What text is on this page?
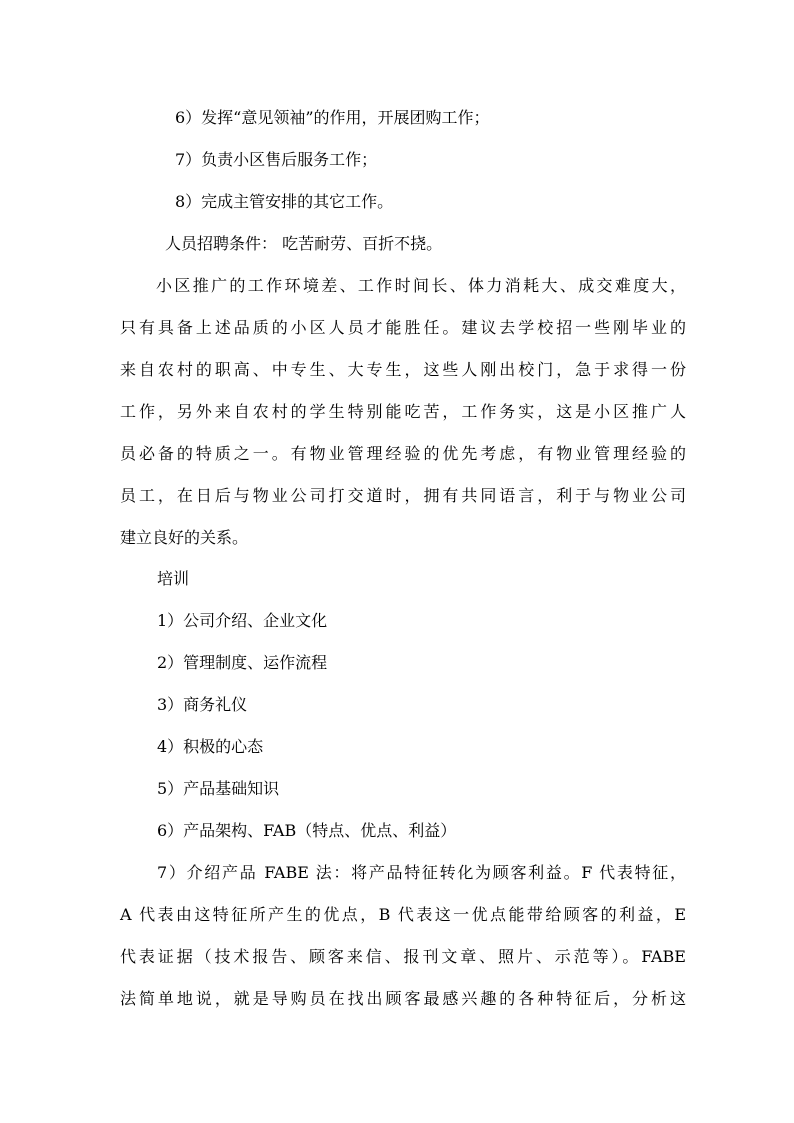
6）发挥“意见领袖”的作用，开展团购工作；

7）负责小区售后服务工作；

8）完成主管安排的其它工作。

人员招聘条件： 吃苦耐劳、百折不挠。

小区推广的工作环境差、工作时间长、体力消耗大、成交难度大，
只有具备上述品质的小区人员才能胜任。建议去学校招一些刚毕业的
来自农村的职高、中专生、大专生，这些人刚出校门，急于求得一份
工作，另外来自农村的学生特别能吃苦，工作务实，这是小区推广人
员必备的特质之一。有物业管理经验的优先考虑，有物业管理经验的
员工，在日后与物业公司打交道时，拥有共同语言，利于与物业公司
建立良好的关系。

培训

1）公司介绍、企业文化

2）管理制度、运作流程

3）商务礼仪

4）积极的心态

5）产品基础知识

6）产品架构、FAB（特点、优点、利益）

7）介绍产品 FABE 法：将产品特征转化为顾客利益。F 代表特征，
A 代表由这特征所产生的优点，B 代表这一优点能带给顾客的利益，E
代表证据（技术报告、顾客来信、报刊文章、照片、示范等）。FABE
法简单地说，就是导购员在找出顾客最感兴趣的各种特征后，分析这
